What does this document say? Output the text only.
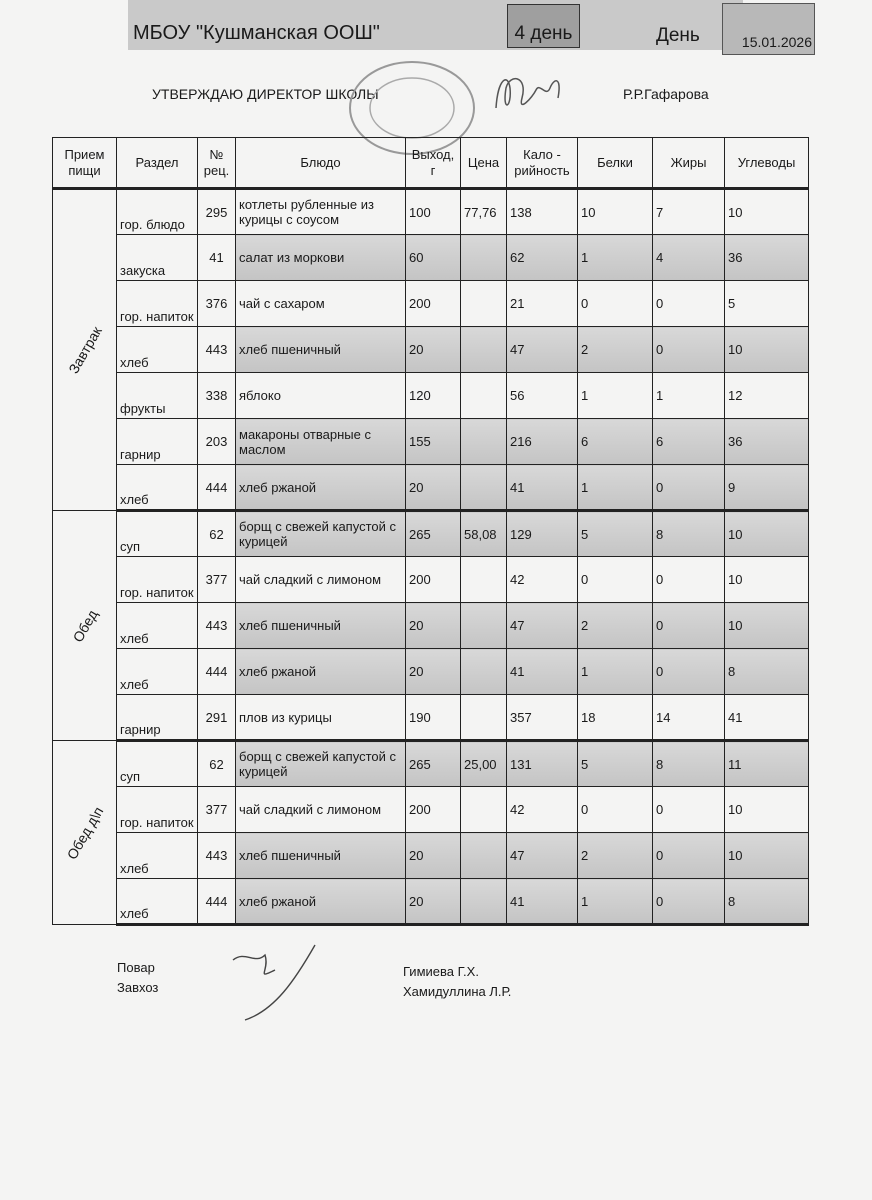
МБОУ "Кушманская ООШ"	4 день	День	15.01.2026
УТВЕРЖДАЮ ДИРЕКТОР ШКОЛЫ	Р.Р.Гафарова
Прием пищи	Раздел	№ рец.	Блюдо	Выход, г	Цена	Кало - рийность	Белки	Жиры	Углеводы

Завтрак	гор. блюдо	295	котлеты рубленные из курицы с соусом	100	77,76	138	10	7	10
	закуска	41	салат из моркови	60		62	1	4	36
	гор. напиток	376	чай с сахаром	200		21	0	0	5
	хлеб	443	хлеб пшеничный	20		47	2	0	10
	фрукты	338	яблоко	120		56	1	1	12
	гарнир	203	макароны отварные с маслом	155		216	6	6	36
	хлеб	444	хлеб ржаной	20		41	1	0	9

Обед	суп	62	борщ с свежей капустой с курицей	265	58,08	129	5	8	10
	гор. напиток	377	чай сладкий с лимоном	200		42	0	0	10
	хлеб	443	хлеб пшеничный	20		47	2	0	10
	хлеб	444	хлеб ржаной	20		41	1	0	8
	гарнир	291	плов из курицы	190		357	18	14	41

Обед д\п	суп	62	борщ с свежей капустой с курицей	265	25,00	131	5	8	11
	гор. напиток	377	чай сладкий с лимоном	200		42	0	0	10
	хлеб	443	хлеб пшеничный	20		47	2	0	10
	хлеб	444	хлеб ржаной	20		41	1	0	8
Повар
Завхоз
Гимиева Г.Х.
Хамидуллина Л.Р.
